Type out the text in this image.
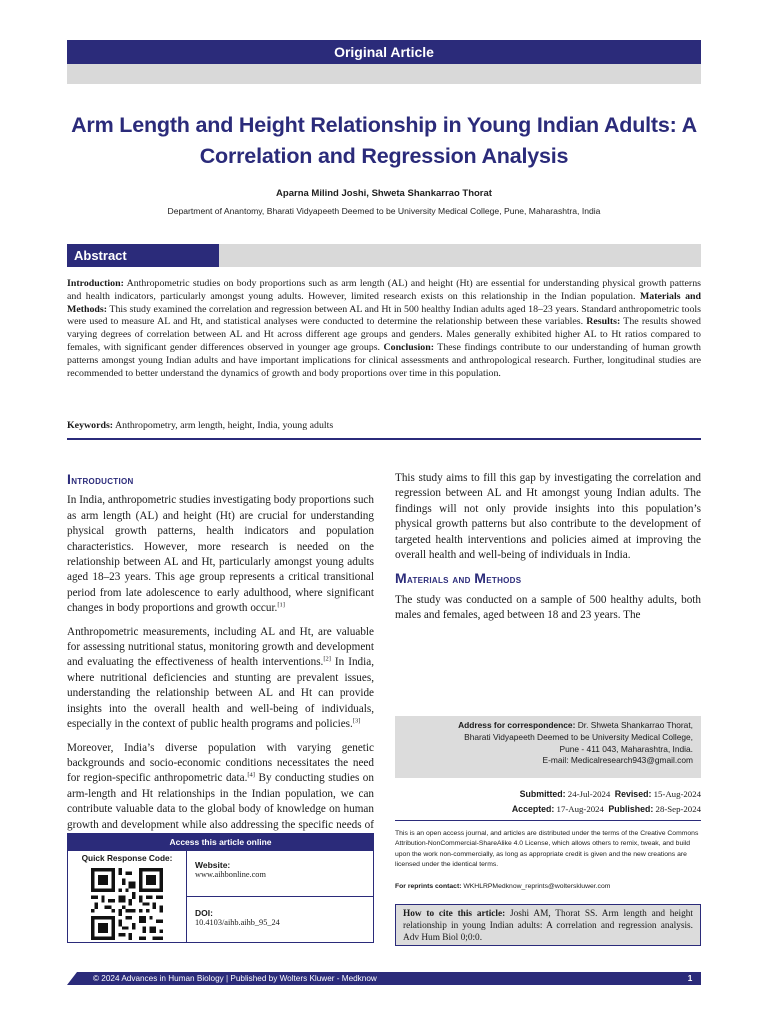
Original Article
Arm Length and Height Relationship in Young Indian Adults: A Correlation and Regression Analysis
Aparna Milind Joshi, Shweta Shankarrao Thorat
Department of Anantomy, Bharati Vidyapeeth Deemed to be University Medical College, Pune, Maharashtra, India
Abstract
Introduction: Anthropometric studies on body proportions such as arm length (AL) and height (Ht) are essential for understanding physical growth patterns and health indicators, particularly amongst young adults. However, limited research exists on this relationship in the Indian population. Materials and Methods: This study examined the correlation and regression between AL and Ht in 500 healthy Indian adults aged 18–23 years. Standard anthropometric tools were used to measure AL and Ht, and statistical analyses were conducted to determine the relationship between these variables. Results: The results showed varying degrees of correlation between AL and Ht across different age groups and genders. Males generally exhibited higher AL to Ht ratios compared to females, with significant gender differences observed in younger age groups. Conclusion: These findings contribute to our understanding of human growth patterns amongst young Indian adults and have important implications for clinical assessments and anthropological research. Further, longitudinal studies are recommended to better understand the dynamics of growth and body proportions over time in this population.
Keywords: Anthropometry, arm length, height, India, young adults
Introduction

In India, anthropometric studies investigating body proportions such as arm length (AL) and height (Ht) are crucial for understanding physical growth patterns, health indicators and population characteristics. However, more research is needed on the relationship between AL and Ht, particularly amongst young adults aged 18–23 years. This age group represents a critical transitional period from late adolescence to early adulthood, where significant changes in body proportions and growth occur.[1]

Anthropometric measurements, including AL and Ht, are valuable for assessing nutritional status, monitoring growth and development and evaluating the effectiveness of health interventions.[2] In India, where nutritional deficiencies and stunting are prevalent issues, understanding the relationship between AL and Ht can provide insights into the overall health and well-being of individuals, especially in the context of public health programs and policies.[3]

Moreover, India’s diverse population with varying genetic backgrounds and socio-economic conditions necessitates the need for region-specific anthropometric data.[4] By conducting studies on arm-length and Ht relationships in the Indian population, we can contribute valuable data to the global body of knowledge on human growth and development while also addressing the specific needs of

This study aims to fill this gap by investigating the correlation and regression between AL and Ht amongst young Indian adults. The findings will not only provide insights into this population’s physical growth patterns but also contribute to the development of targeted health interventions and policies aimed at improving the overall health and well-being of individuals in India.

Materials and Methods

The study was conducted on a sample of 500 healthy adults, both males and females, aged between 18 and 23 years. The

Access this article online
Quick Response Code:
Website:
www.aihbonline.com
DOI:
10.4103/aihb.aihb_95_24
Address for correspondence: Dr. Shweta Shankarrao Thorat,
Bharati Vidyapeeth Deemed to be University Medical College,
Pune - 411 043, Maharashtra, India.
E-mail: Medicalresearch943@gmail.com
Submitted: 24-Jul-2024 Revised: 15-Aug-2024
Accepted: 17-Aug-2024 Published: 28-Sep-2024
This is an open access journal, and articles are distributed under the terms of the Creative Commons Attribution-NonCommercial-ShareAlike 4.0 License, which allows others to remix, tweak, and build upon the work non-commercially, as long as appropriate credit is given and the new creations are licensed under the identical terms.
For reprints contact: WKHLRPMedknow_reprints@wolterskluwer.com
How to cite this article: Joshi AM, Thorat SS. Arm length and height relationship in young Indian adults: A correlation and regression analysis. Adv Hum Biol 0;0:0.
© 2024 Advances in Human Biology | Published by Wolters Kluwer - Medknow	1
